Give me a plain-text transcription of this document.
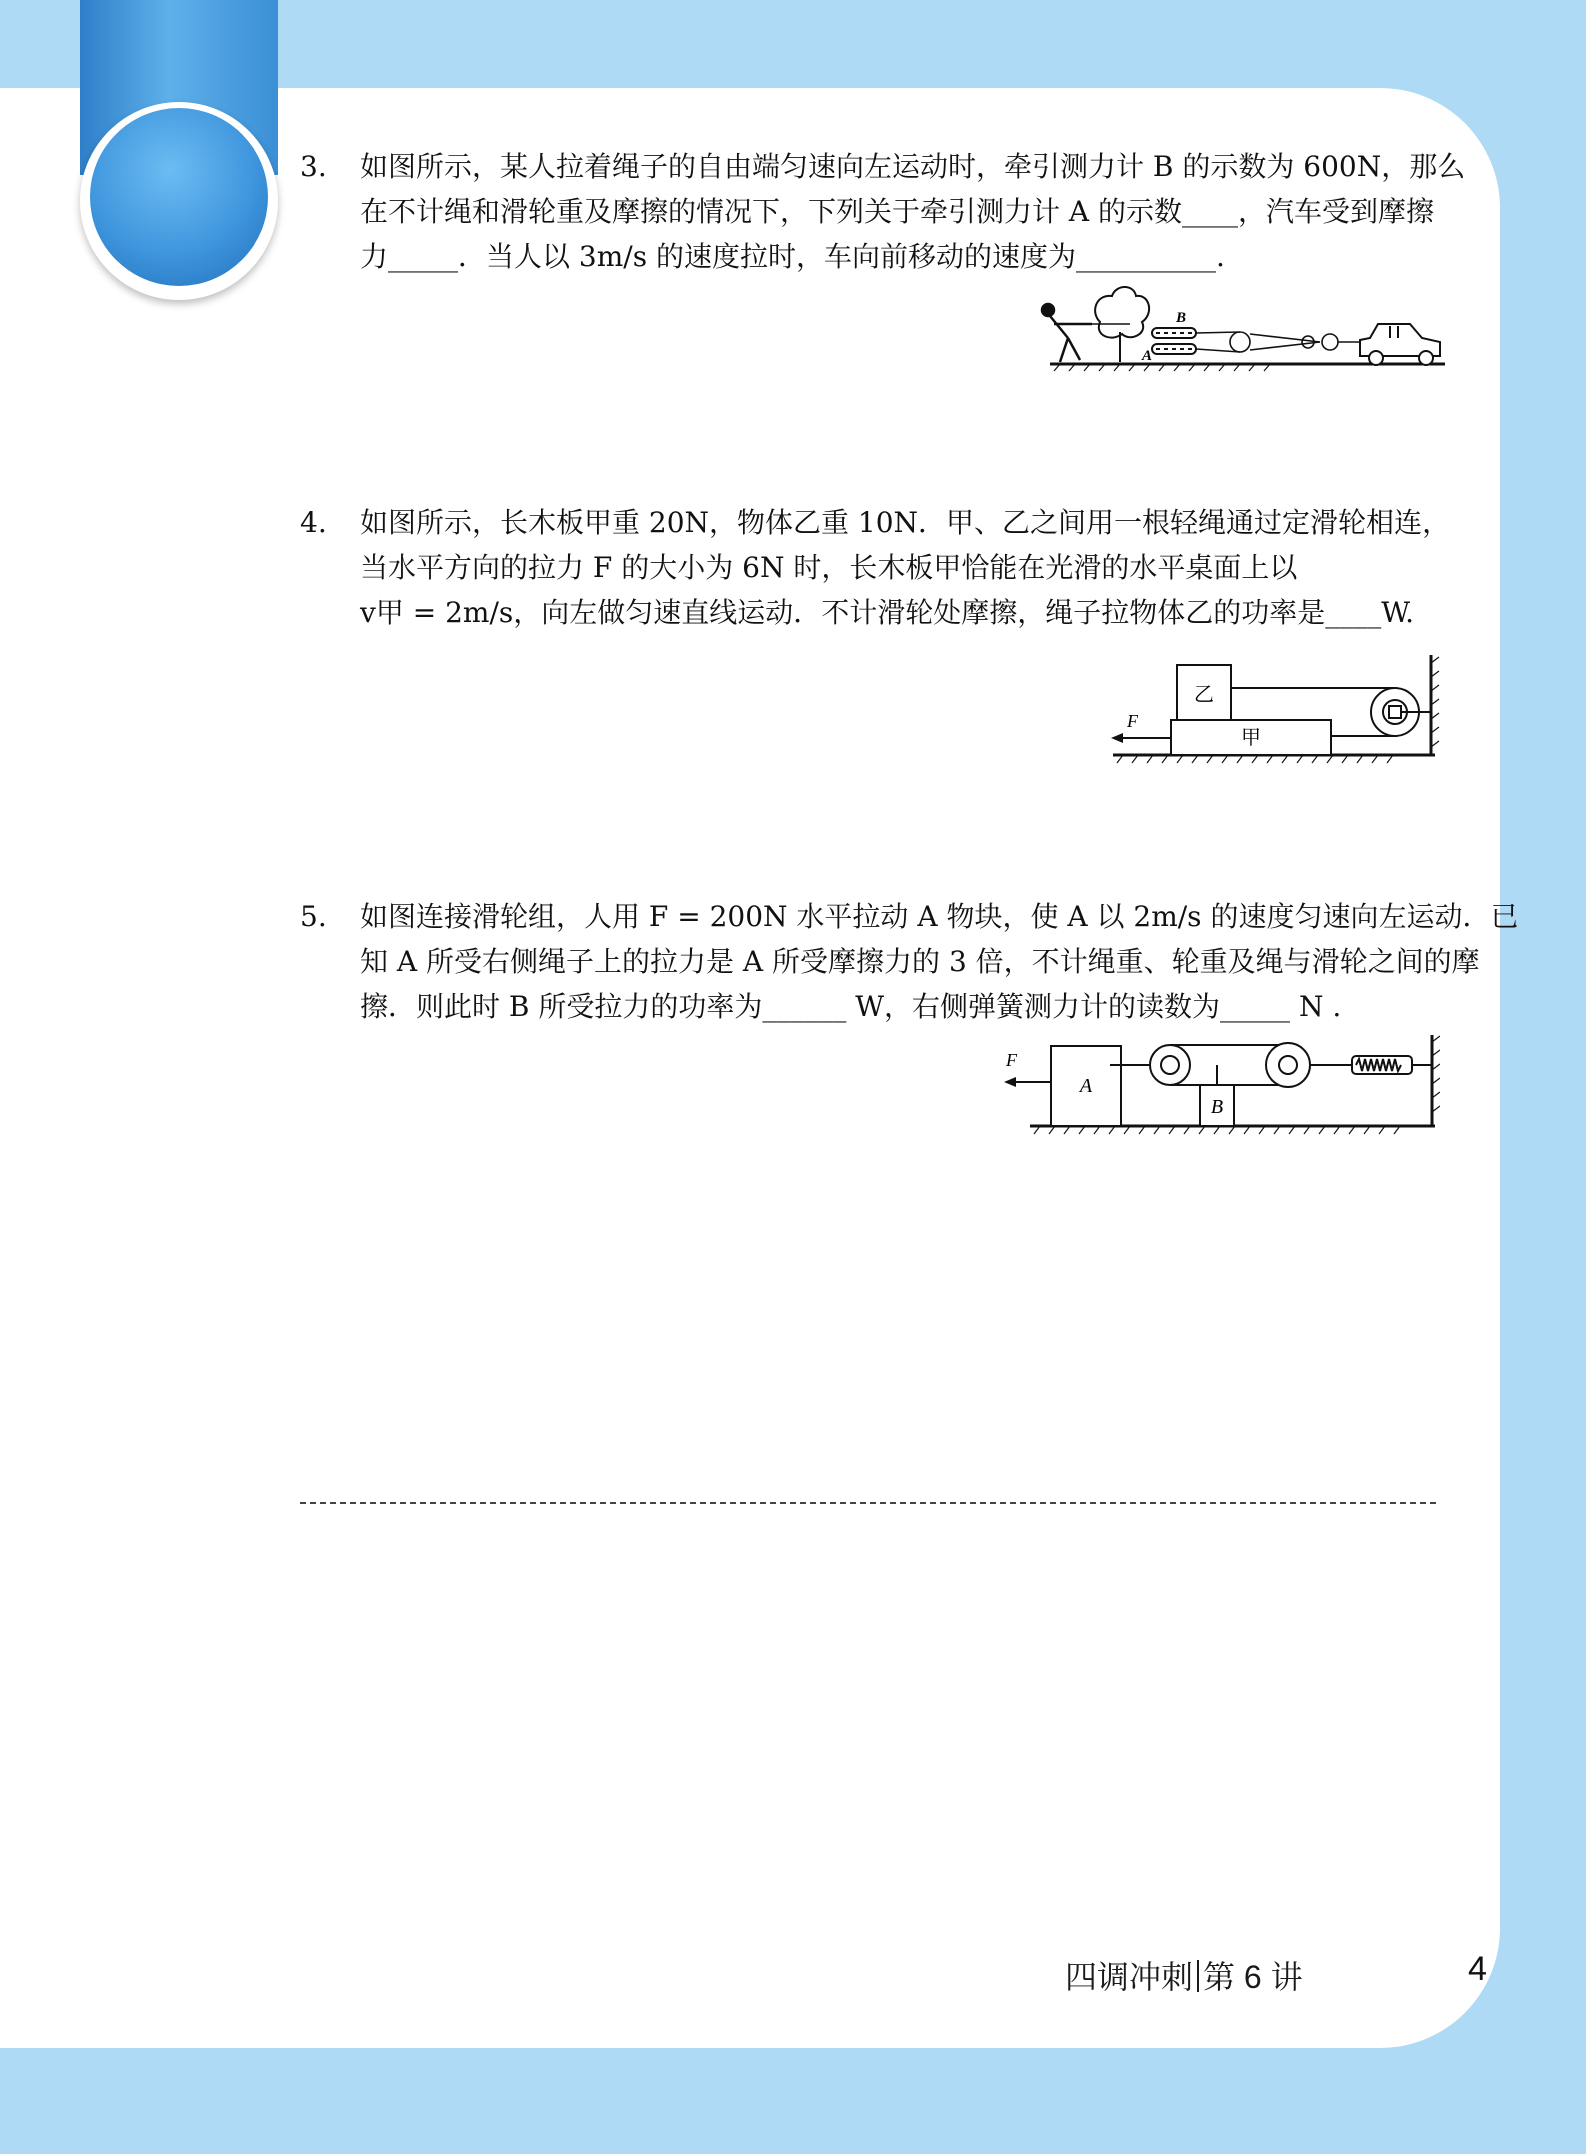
3. 如图所示，某人拉着绳子的自由端匀速向左运动时，牵引测力计 B 的示数为 600N，那么
在不计绳和滑轮重及摩擦的情况下，下列关于牵引测力计 A 的示数____，汽车受到摩擦
力_____．当人以 3m/s 的速度拉时，车向前移动的速度为__________.
B
A
4. 如图所示，长木板甲重 20N，物体乙重 10N．甲、乙之间用一根轻绳通过定滑轮相连，
当水平方向的拉力 F 的大小为 6N 时，长木板甲恰能在光滑的水平桌面上以
v甲 = 2m/s，向左做匀速直线运动．不计滑轮处摩擦，绳子拉物体乙的功率是____W.
甲
乙
F
5. 如图连接滑轮组，人用 F = 200N 水平拉动 A 物块，使 A 以 2m/s 的速度匀速向左运动．已
知 A 所受右侧绳子上的拉力是 A 所受摩擦力的 3 倍，不计绳重、轮重及绳与滑轮之间的摩
擦．则此时 B 所受拉力的功率为______ W，右侧弹簧测力计的读数为_____ N .
A
F
B
四调冲刺 第 6 讲	4
